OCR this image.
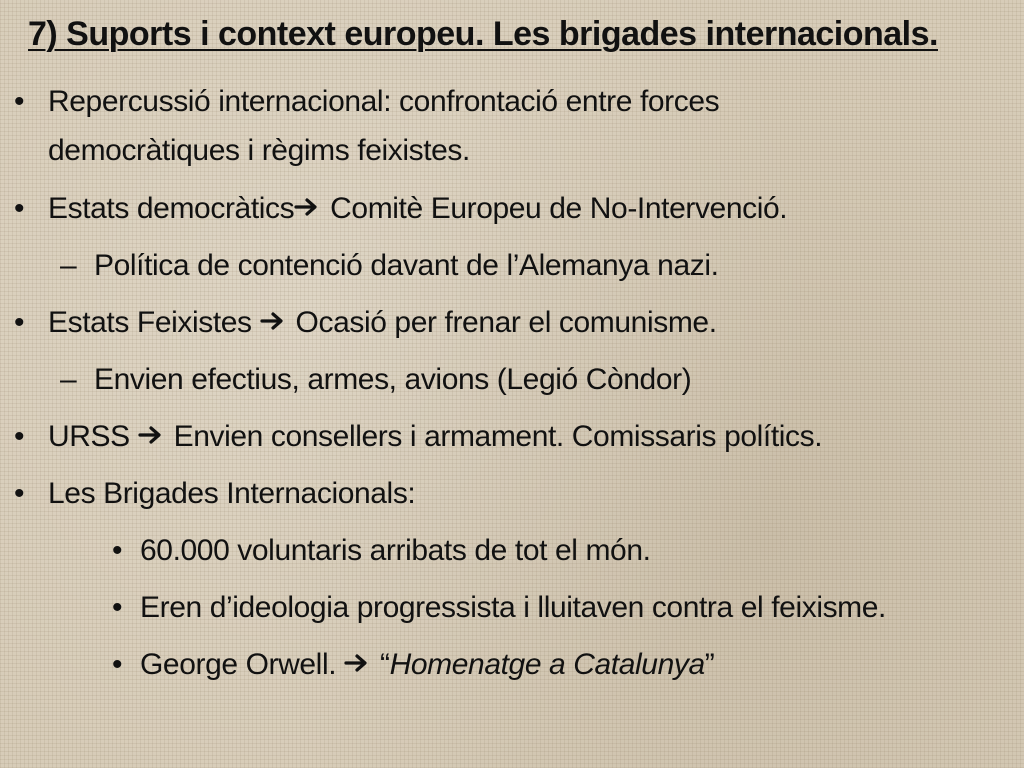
7) Suports i context europeu. Les brigades internacionals.
• Repercussió internacional: confrontació entre forces
democràtiques i règims feixistes.
• Estats democràtics
Comitè Europeu de No-Intervenció.
– Política de contenció davant de l’Alemanya nazi.
• Estats Feixistes
Ocasió per frenar el comunisme.
– Envien efectius, armes, avions (Legió Còndor)
• URSS
Envien consellers i armament. Comissaris polítics.
• Les Brigades Internacionals:
• 60.000 voluntaris arribats de tot el món.
• Eren d’ideologia progressista i lluitaven contra el feixisme.
• George Orwell.
“Homenatge a Catalunya”
